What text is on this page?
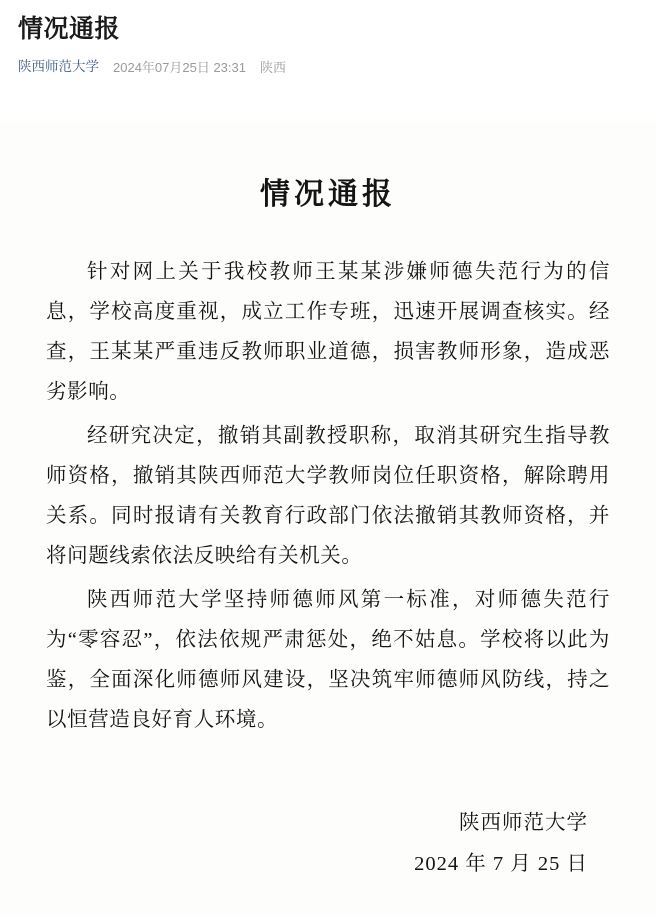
情况通报
陕西师范大学 2024年07月25日 23:31 陕西
情况通报

针对网上关于我校教师王某某涉嫌师德失范行为的信息，学校高度重视，成立工作专班，迅速开展调查核实。经查，王某某严重违反教师职业道德，损害教师形象，造成恶劣影响。

经研究决定，撤销其副教授职称，取消其研究生指导教师资格，撤销其陕西师范大学教师岗位任职资格，解除聘用关系。同时报请有关教育行政部门依法撤销其教师资格，并将问题线索依法反映给有关机关。

陕西师范大学坚持师德师风第一标准，对师德失范行为“零容忍”，依法依规严肃惩处，绝不姑息。学校将以此为鉴，全面深化师德师风建设，坚决筑牢师德师风防线，持之以恒营造良好育人环境。

陕西师范大学

2024 年 7 月 25 日
